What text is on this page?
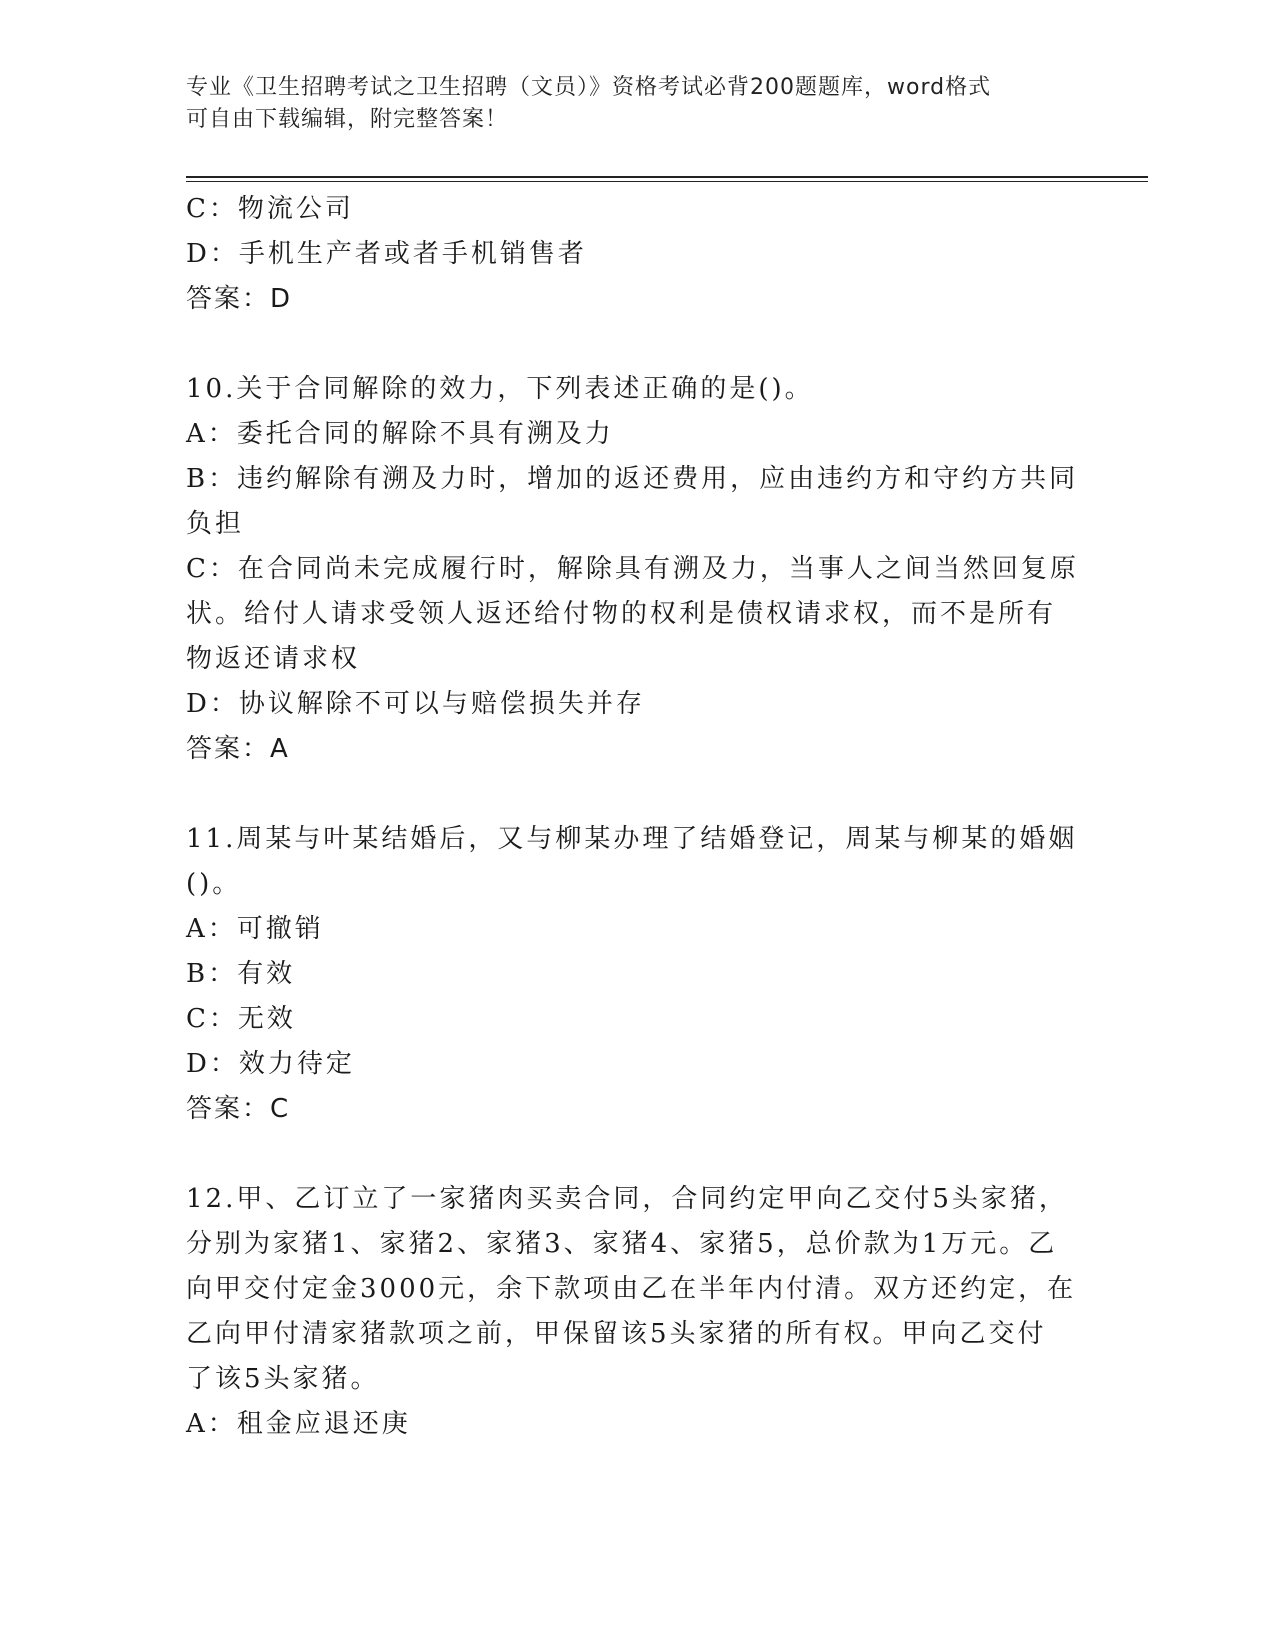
专业《卫生招聘考试之卫生招聘（文员）》资格考试必背200题题库，word格式
可自由下载编辑，附完整答案！
C：物流公司
D：手机生产者或者手机销售者
答案：D
10.关于合同解除的效力，下列表述正确的是()。
A：委托合同的解除不具有溯及力
B：违约解除有溯及力时，增加的返还费用，应由违约方和守约方共同
负担
C：在合同尚未完成履行时，解除具有溯及力，当事人之间当然回复原
状。给付人请求受领人返还给付物的权利是债权请求权，而不是所有
物返还请求权
D：协议解除不可以与赔偿损失并存
答案：A
11.周某与叶某结婚后，又与柳某办理了结婚登记，周某与柳某的婚姻
()。
A：可撤销
B：有效
C：无效
D：效力待定
答案：C
12.甲、乙订立了一家猪肉买卖合同，合同约定甲向乙交付5头家猪，
分别为家猪1、家猪2、家猪3、家猪4、家猪5，总价款为1万元。乙
向甲交付定金3000元，余下款项由乙在半年内付清。双方还约定，在
乙向甲付清家猪款项之前，甲保留该5头家猪的所有权。甲向乙交付
了该5头家猪。
A：租金应退还庚
